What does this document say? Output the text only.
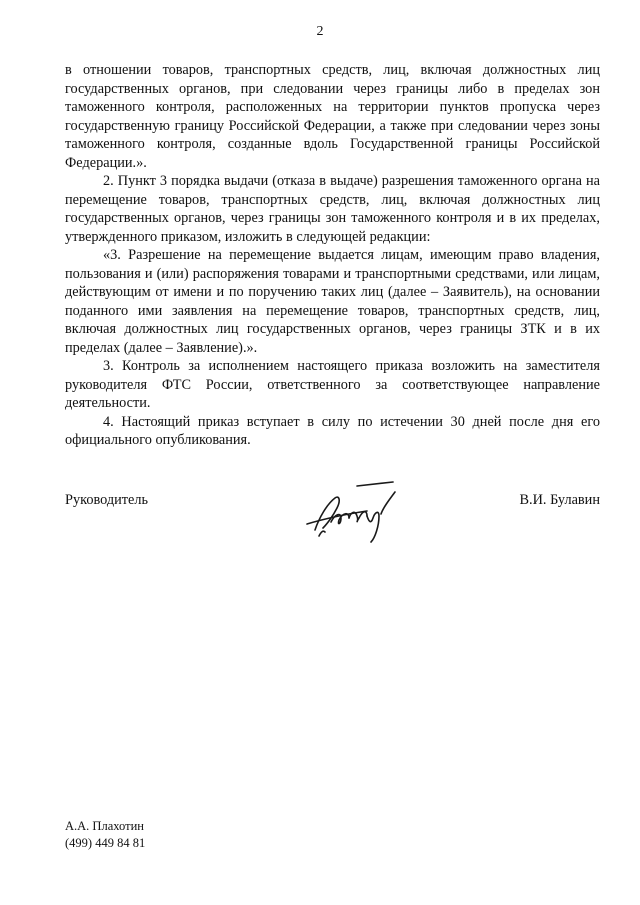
2

в отношении товаров, транспортных средств, лиц, включая должностных лиц государственных органов, при следовании через границы либо в пределах зон таможенного контроля, расположенных на территории пунктов пропуска через государственную границу Российской Федерации, а также при следовании через зоны таможенного контроля, созданные вдоль Государственной границы Российской Федерации.».

2. Пункт 3 порядка выдачи (отказа в выдаче) разрешения таможенного органа на перемещение товаров, транспортных средств, лиц, включая должностных лиц государственных органов, через границы зон таможенного контроля и в их пределах, утвержденного приказом, изложить в следующей редакции:

«3. Разрешение на перемещение выдается лицам, имеющим право владения, пользования и (или) распоряжения товарами и транспортными средствами, или лицам, действующим от имени и по поручению таких лиц (далее – Заявитель), на основании поданного ими заявления на перемещение товаров, транспортных средств, лиц, включая должностных лиц государственных органов, через границы ЗТК и в их пределах (далее – Заявление).».

3. Контроль за исполнением настоящего приказа возложить на заместителя руководителя ФТС России, ответственного за соответствующее направление деятельности.

4. Настоящий приказ вступает в силу по истечении 30 дней после дня его официального опубликования.

Руководитель	В.И. Булавин
А.А. Плахотин
(499) 449 84 81
